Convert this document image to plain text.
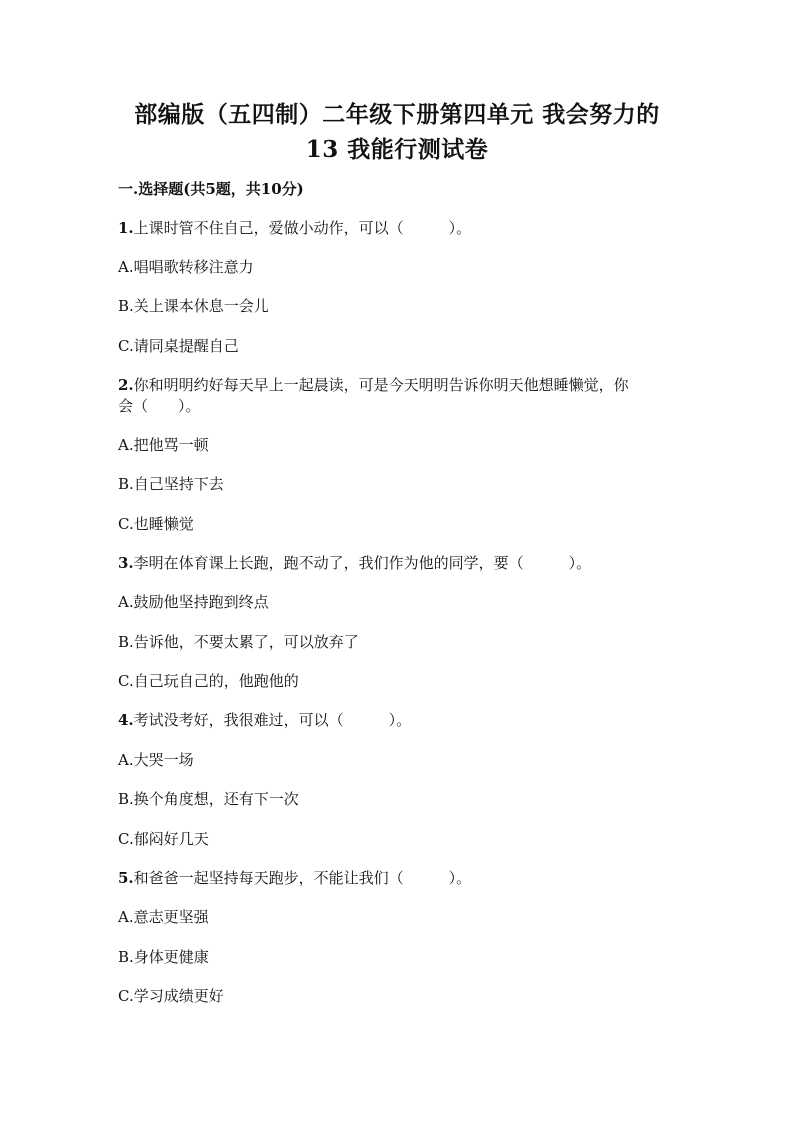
部编版（五四制）二年级下册第四单元 我会努力的
13 我能行测试卷
一.选择题(共5题，共10分)
1.上课时管不住自己，爱做小动作，可以（　　　）。
A.唱唱歌转移注意力
B.关上课本休息一会儿
C.请同桌提醒自己
2.你和明明约好每天早上一起晨读，可是今天明明告诉你明天他想睡懒觉，你
会（　　）。
A.把他骂一顿
B.自己坚持下去
C.也睡懒觉
3.李明在体育课上长跑，跑不动了，我们作为他的同学，要（　　　）。
A.鼓励他坚持跑到终点
B.告诉他，不要太累了，可以放弃了
C.自己玩自己的，他跑他的
4.考试没考好，我很难过，可以（　　　）。
A.大哭一场
B.换个角度想，还有下一次
C.郁闷好几天
5.和爸爸一起坚持每天跑步，不能让我们（　　　）。
A.意志更坚强
B.身体更健康
C.学习成绩更好
